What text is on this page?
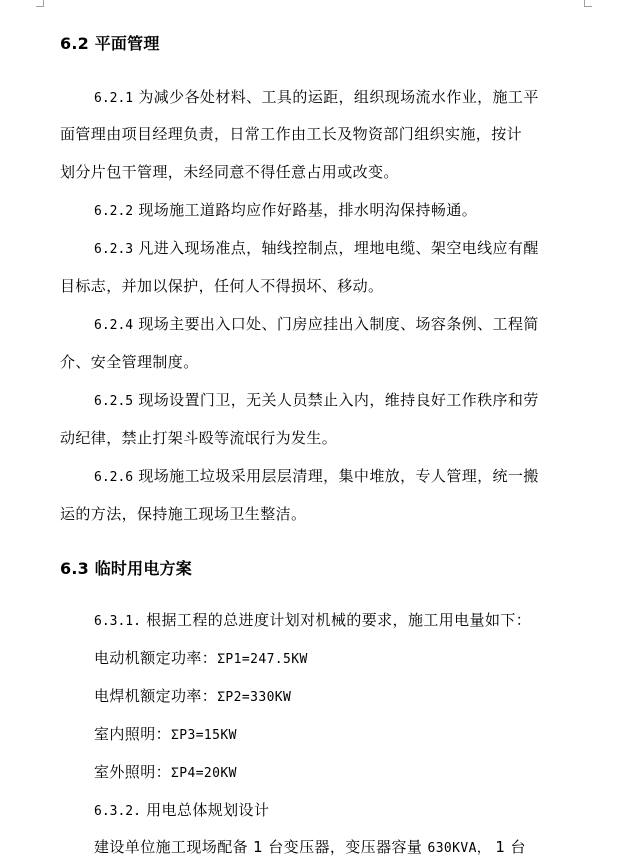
6.2 平面管理
6.2.1 为减少各处材料、工具的运距，组织现场流水作业，施工平
面管理由项目经理负责，日常工作由工长及物资部门组织实施，按计
划分片包干管理，未经同意不得任意占用或改变。
6.2.2 现场施工道路均应作好路基，排水明沟保持畅通。
6.2.3 凡进入现场准点，轴线控制点，埋地电缆、架空电线应有醒
目标志，并加以保护，任何人不得损坏、移动。
6.2.4 现场主要出入口处、门房应挂出入制度、场容条例、工程简
介、安全管理制度。
6.2.5 现场设置门卫，无关人员禁止入内，维持良好工作秩序和劳
动纪律，禁止打架斗殴等流氓行为发生。
6.2.6 现场施工垃圾采用层层清理，集中堆放，专人管理，统一搬
运的方法，保持施工现场卫生整洁。
6.3 临时用电方案
6.3.1. 根据工程的总进度计划对机械的要求，施工用电量如下：
电动机额定功率：ΣP1=247.5KW
电焊机额定功率：ΣP2=330KW
室内照明：ΣP3=15KW
室外照明：ΣP4=20KW
6.3.2. 用电总体规划设计
建设单位施工现场配备 1 台变压器，变压器容量 630KVA， 1 台
